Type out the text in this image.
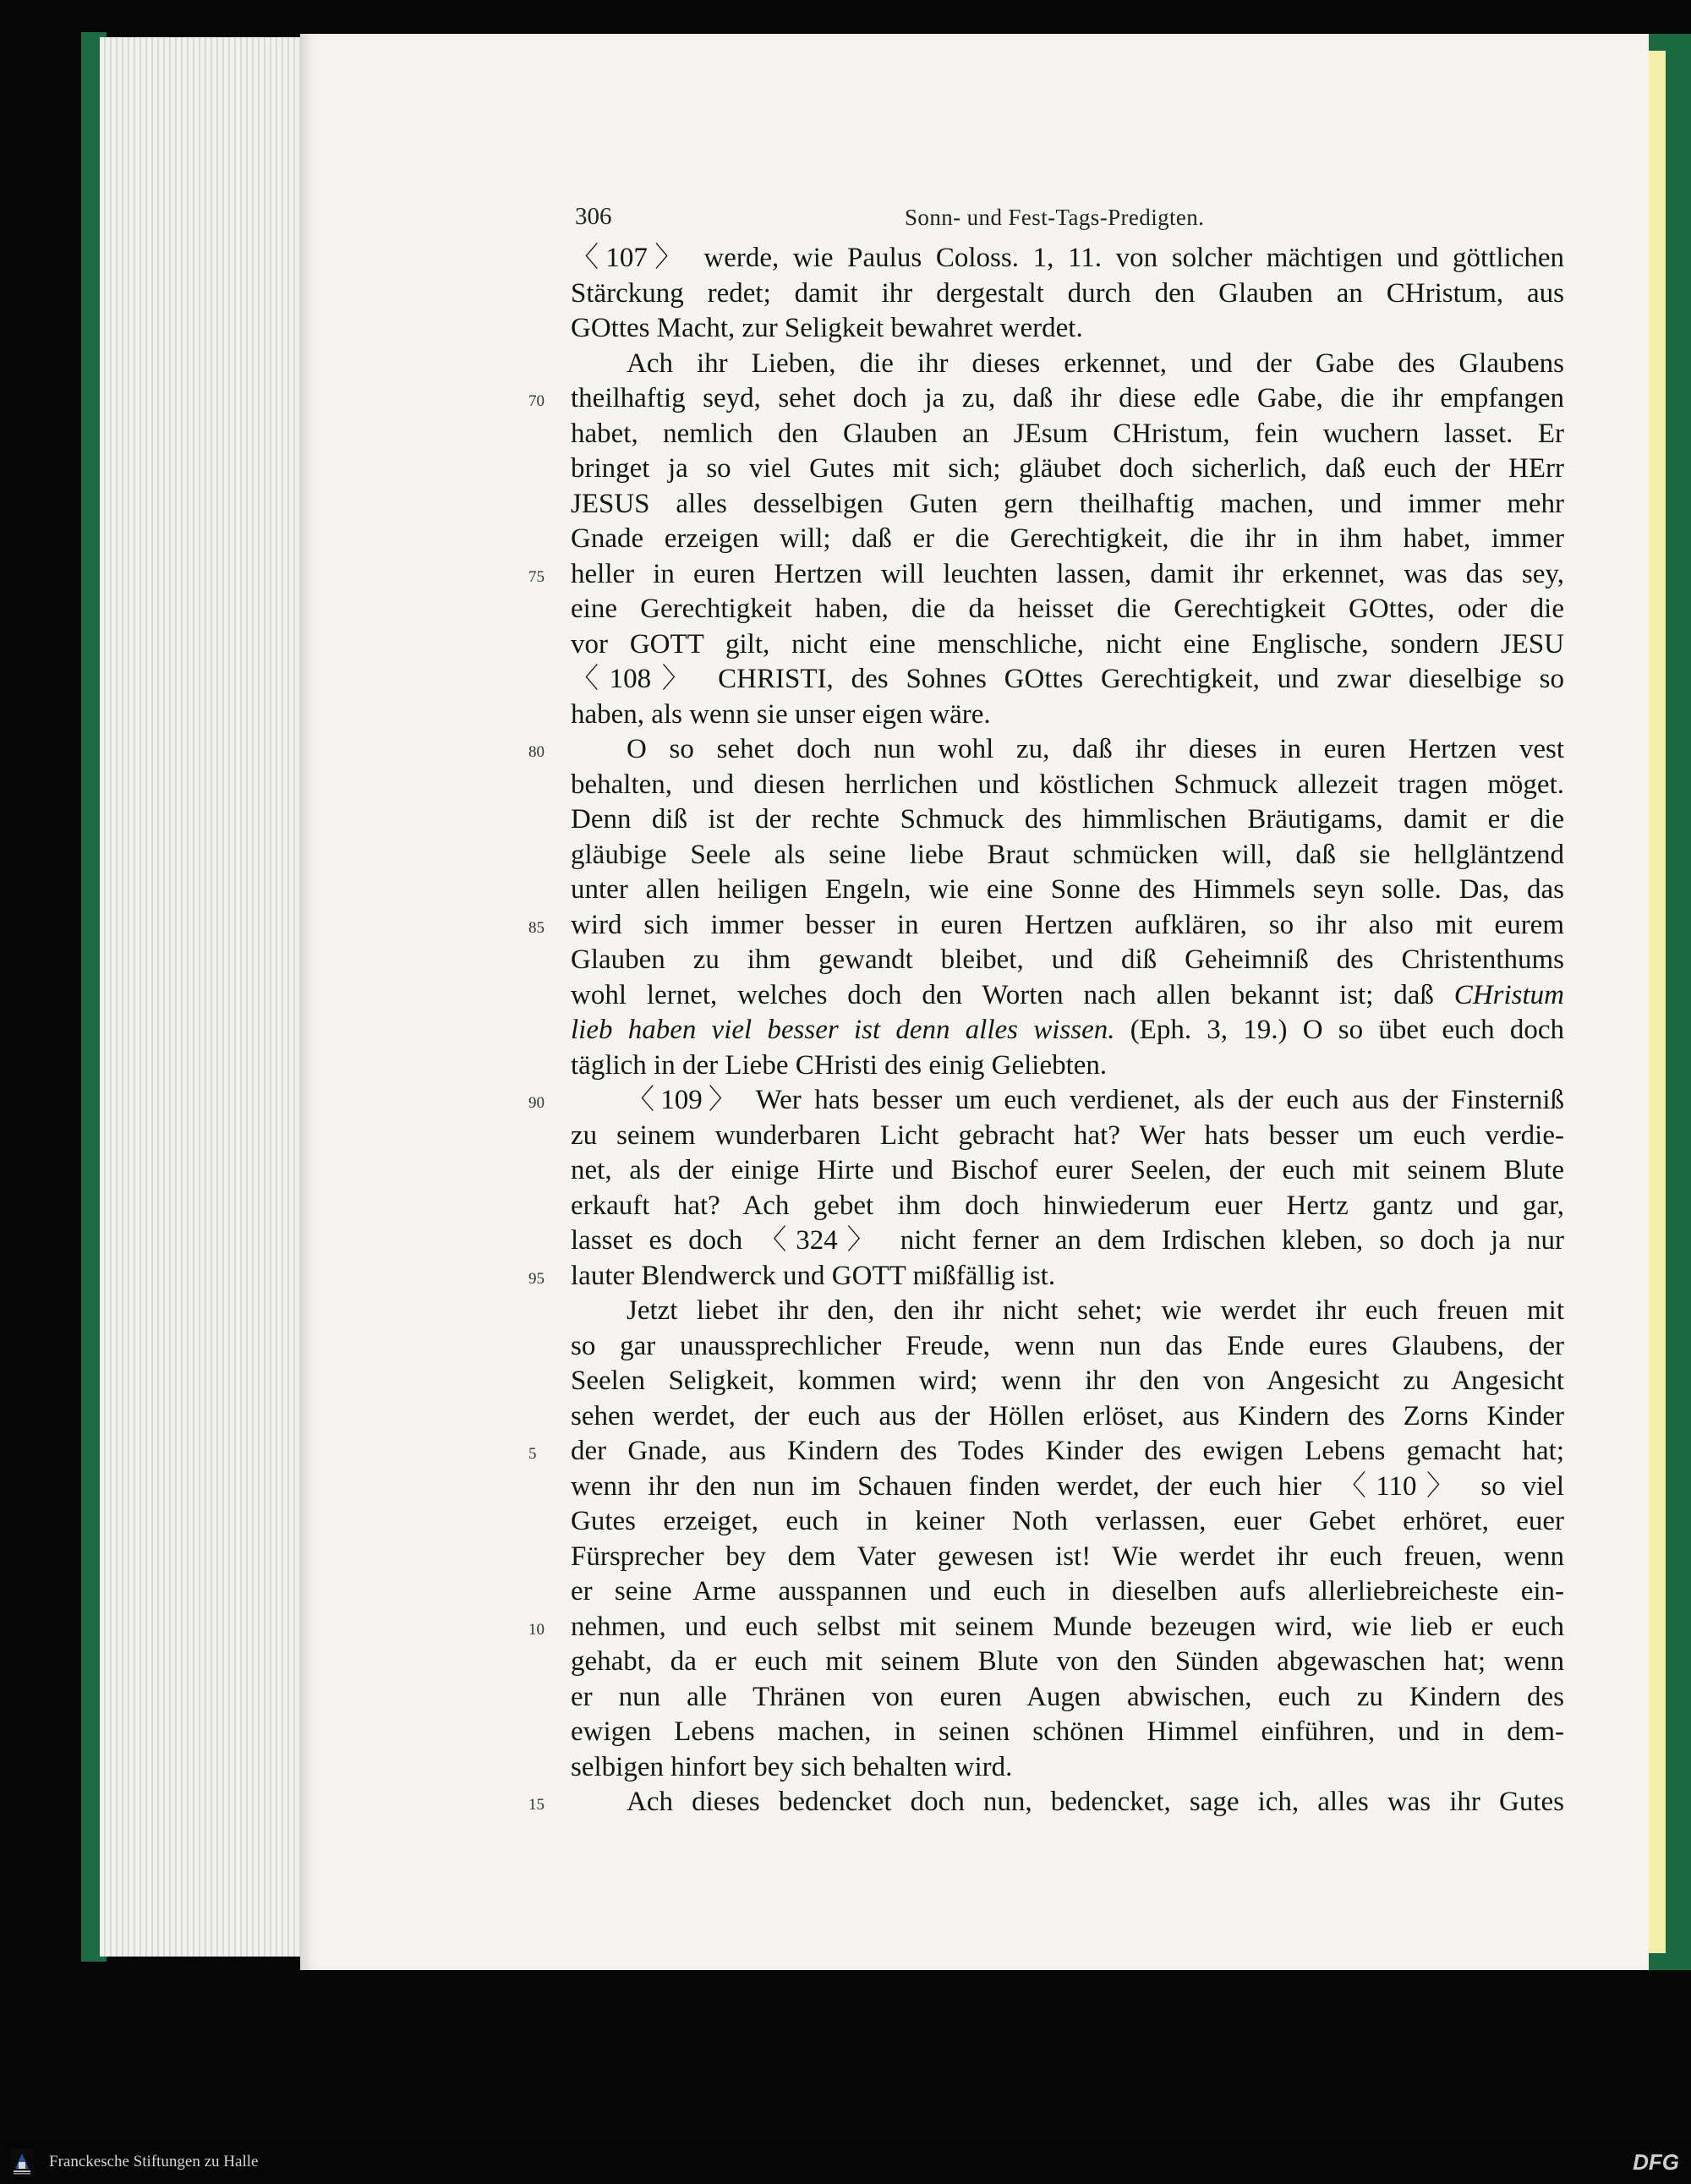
306	Sonn- und Fest-Tags-Predigten.
〈107〉 werde, wie Paulus Coloss. 1, 11. von solcher mächtigen und göttlichen
Stärckung redet; damit ihr dergestalt durch den Glauben an CHristum, aus
GOttes Macht, zur Seligkeit bewahret werdet.
Ach ihr Lieben, die ihr dieses erkennet, und der Gabe des Glaubens
70 theilhaftig seyd, sehet doch ja zu, daß ihr diese edle Gabe, die ihr empfangen
habet, nemlich den Glauben an JEsum CHristum, fein wuchern lasset. Er
bringet ja so viel Gutes mit sich; gläubet doch sicherlich, daß euch der HErr
JESUS alles desselbigen Guten gern theilhaftig machen, und immer mehr
Gnade erzeigen will; daß er die Gerechtigkeit, die ihr in ihm habet, immer
75 heller in euren Hertzen will leuchten lassen, damit ihr erkennet, was das sey,
eine Gerechtigkeit haben, die da heisset die Gerechtigkeit GOttes, oder die
vor GOTT gilt, nicht eine menschliche, nicht eine Englische, sondern JESU
〈108〉 CHRISTI, des Sohnes GOttes Gerechtigkeit, und zwar dieselbige so
haben, als wenn sie unser eigen wäre.
80	O so sehet doch nun wohl zu, daß ihr dieses in euren Hertzen vest
behalten, und diesen herrlichen und köstlichen Schmuck allezeit tragen möget.
Denn diß ist der rechte Schmuck des himmlischen Bräutigams, damit er die
gläubige Seele als seine liebe Braut schmücken will, daß sie hellgläntzend
unter allen heiligen Engeln, wie eine Sonne des Himmels seyn solle. Das, das
85 wird sich immer besser in euren Hertzen aufklären, so ihr also mit eurem
Glauben zu ihm gewandt bleibet, und diß Geheimniß des Christenthums
wohl lernet, welches doch den Worten nach allen bekannt ist; daß CHristum
lieb haben viel besser ist denn alles wissen. (Eph. 3, 19.) O so übet euch doch
täglich in der Liebe CHristi des einig Geliebten.
90	〈109〉 Wer hats besser um euch verdienet, als der euch aus der Finsterniß
zu seinem wunderbaren Licht gebracht hat? Wer hats besser um euch verdie-
net, als der einige Hirte und Bischof eurer Seelen, der euch mit seinem Blute
erkauft hat? Ach gebet ihm doch hinwiederum euer Hertz gantz und gar,
lasset es doch 〈324〉 nicht ferner an dem Irdischen kleben, so doch ja nur
95 lauter Blendwerck und GOTT mißfällig ist.
Jetzt liebet ihr den, den ihr nicht sehet; wie werdet ihr euch freuen mit
so gar unaussprechlicher Freude, wenn nun das Ende eures Glaubens, der
Seelen Seligkeit, kommen wird; wenn ihr den von Angesicht zu Angesicht
sehen werdet, der euch aus der Höllen erlöset, aus Kindern des Zorns Kinder
5 der Gnade, aus Kindern des Todes Kinder des ewigen Lebens gemacht hat;
wenn ihr den nun im Schauen finden werdet, der euch hier 〈110〉 so viel
Gutes erzeiget, euch in keiner Noth verlassen, euer Gebet erhöret, euer
Fürsprecher bey dem Vater gewesen ist! Wie werdet ihr euch freuen, wenn
er seine Arme ausspannen und euch in dieselben aufs allerliebreicheste ein-
10 nehmen, und euch selbst mit seinem Munde bezeugen wird, wie lieb er euch
gehabt, da er euch mit seinem Blute von den Sünden abgewaschen hat; wenn
er nun alle Thränen von euren Augen abwischen, euch zu Kindern des
ewigen Lebens machen, in seinen schönen Himmel einführen, und in dem-
selbigen hinfort bey sich behalten wird.
15	Ach dieses bedencket doch nun, bedencket, sage ich, alles was ihr Gutes
Franckesche Stiftungen zu Halle	DFG
